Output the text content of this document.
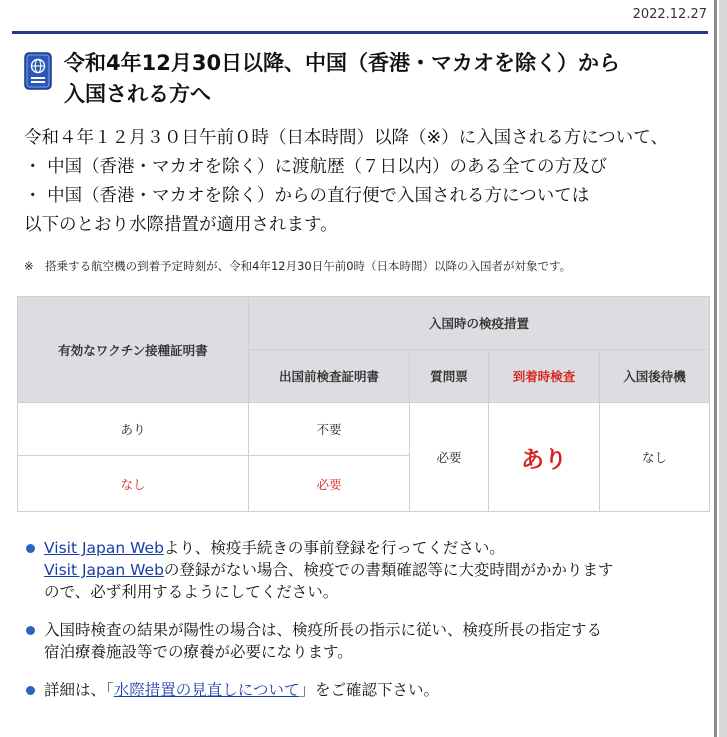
2022.12.27
令和4年12月30日以降、中国（香港・マカオを除く）から
入国される方へ
令和４年１２月３０日午前０時（日本時間）以降（※）に入国される方について、
・ 中国（香港・マカオを除く）に渡航歴（７日以内）のある全ての方及び
・ 中国（香港・マカオを除く）からの直行便で入国される方については
以下のとおり水際措置が適用されます。
※　搭乗する航空機の到着予定時刻が、令和4年12月30日午前0時（日本時間）以降の入国者が対象です。
有効なワクチン接種証明書	入国時の検疫措置			
	出国前検査証明書	質問票	到着時検査	入国後待機
あり	不要	必要	あり	なし
なし	必要			
Visit Japan Webより、検疫手続きの事前登録を行ってください。
Visit Japan Webの登録がない場合、検疫での書類確認等に大変時間がかかります
ので、必ず利用するようにしてください。
入国時検査の結果が陽性の場合は、検疫所長の指示に従い、検疫所長の指定する
宿泊療養施設等での療養が必要になります。
詳細は、「水際措置の見直しについて」をご確認下さい。
